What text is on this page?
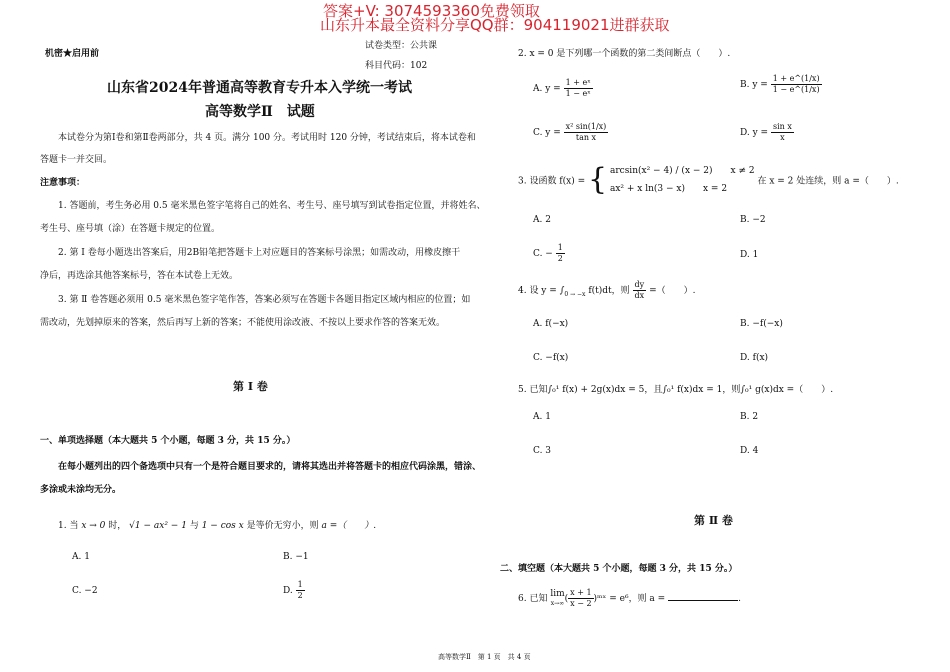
答案+V: 3074593360免费领取
山东升本最全资料分享QQ群：904119021进群获取
机密★启用前
试卷类型：公共课
科目代码：102
山东省2024年普通高等教育专升本入学统一考试
高等数学Ⅱ　试题
本试卷分为第Ⅰ卷和第Ⅱ卷两部分，共 4 页。满分 100 分。考试用时 120 分钟，考试结束后，将本试卷和
答题卡一并交回。
注意事项：
1. 答题前，考生务必用 0.5 毫米黑色签字笔将自己的姓名、考生号、座号填写到试卷指定位置，并将姓名、
考生号、座号填（涂）在答题卡规定的位置。
2. 第 Ⅰ 卷每小题选出答案后，用2B铅笔把答题卡上对应题目的答案标号涂黑；如需改动，用橡皮擦干
净后，再选涂其他答案标号，答在本试卷上无效。
3. 第 Ⅱ 卷答题必须用 0.5 毫米黑色签字笔作答，答案必须写在答题卡各题目指定区域内相应的位置；如
需改动，先划掉原来的答案，然后再写上新的答案；不能使用涂改液、不按以上要求作答的答案无效。
第 Ⅰ 卷
一、单项选择题（本大题共 5 个小题，每题 3 分，共 15 分。）
在每小题列出的四个备选项中只有一个是符合题目要求的，请将其选出并将答题卡的相应代码涂黑，错涂、
多涂或未涂均无分。
1. 当 x → 0 时， √1 − ax² − 1 与 1 − cos x 是等价无穷小，则 a =（　　）.
A. 1	B. −1
C. −2	D. $\frac{1}{2}$
2. x = 0 是下列哪一个函数的第二类间断点（　　）.
A. $y = \frac{\text{1 + eˣ}}{\text{1 − eˣ}}$	B. $y = \frac{1 + e\^{}(1/x)}{1 - e\^{}(1/x)}$
C. $y = \frac{\text{x² sin(1/x)}}{\text{tan x}}$	D. $y = \frac{\text{sin x}}{x}$
3. 设函数 f(x) = { arcsin(x² − 4) / (x − 2)　　x ≠ 2
ax² + x ln(3 − x)　　x = 2
在 x = 2 处连续，则 a =（　　）.
A. 2	B. −2
C. − $\frac{1}{2}$	D. 1
4. 设 $y = \int_{0 \to -x}$ f(t)dt，则 $\frac{dy}{dx}$ =（　　）.
A. f(−x)	B. −f(−x)
C. −f(x)	D. f(x)
5. 已知∫₀¹ f(x) + 2g(x)dx = 5，且∫₀¹ f(x)dx = 1，则∫₀¹ g(x)dx =（　　）.
A. 1	B. 2
C. 3	D. 4
第 Ⅱ 卷
二、填空题（本大题共 5 个小题，每题 3 分，共 15 分。）
6. 已知
lim
x→∞ ( $\frac{x + 1}{x - 2}$ )ᵐˣ = e⁶，则 a =	.
高等数学Ⅱ　第 1 页　共 4 页
